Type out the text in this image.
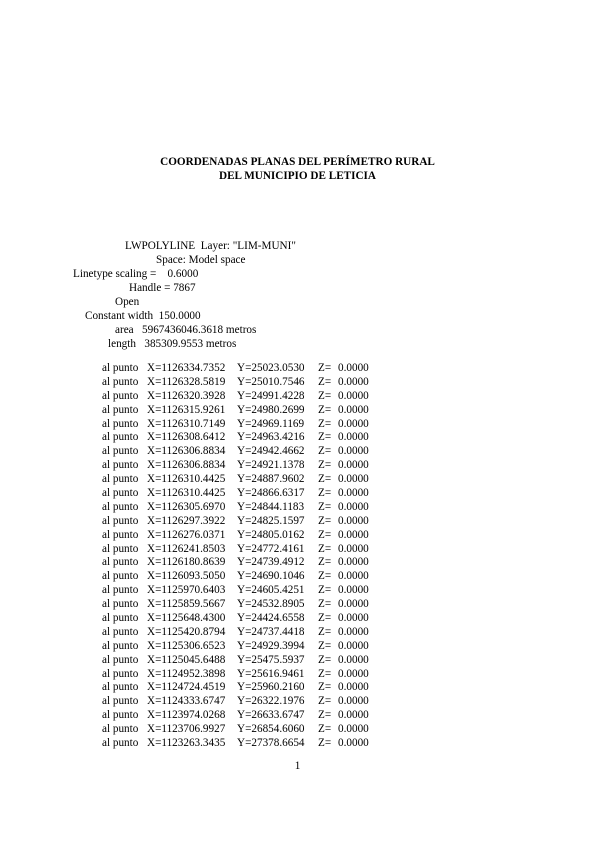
COORDENADAS PLANAS DEL PERÍMETRO RURAL
DEL MUNICIPIO DE LETICIA
LWPOLYLINE  Layer: "LIM-MUNI"
Space: Model space
Linetype scaling =    0.6000
Handle = 7867
Open
Constant width  150.0000
area   5967436046.3618 metros
length   385309.9553 metros
al punto X=1126334.7352 Y=25023.0530 Z= 0.0000
al punto X=1126328.5819 Y=25010.7546 Z= 0.0000
al punto X=1126320.3928 Y=24991.4228 Z= 0.0000
al punto X=1126315.9261 Y=24980.2699 Z= 0.0000
al punto X=1126310.7149 Y=24969.1169 Z= 0.0000
al punto X=1126308.6412 Y=24963.4216 Z= 0.0000
al punto X=1126306.8834 Y=24942.4662 Z= 0.0000
al punto X=1126306.8834 Y=24921.1378 Z= 0.0000
al punto X=1126310.4425 Y=24887.9602 Z= 0.0000
al punto X=1126310.4425 Y=24866.6317 Z= 0.0000
al punto X=1126305.6970 Y=24844.1183 Z= 0.0000
al punto X=1126297.3922 Y=24825.1597 Z= 0.0000
al punto X=1126276.0371 Y=24805.0162 Z= 0.0000
al punto X=1126241.8503 Y=24772.4161 Z= 0.0000
al punto X=1126180.8639 Y=24739.4912 Z= 0.0000
al punto X=1126093.5050 Y=24690.1046 Z= 0.0000
al punto X=1125970.6403 Y=24605.4251 Z= 0.0000
al punto X=1125859.5667 Y=24532.8905 Z= 0.0000
al punto X=1125648.4300 Y=24424.6558 Z= 0.0000
al punto X=1125420.8794 Y=24737.4418 Z= 0.0000
al punto X=1125306.6523 Y=24929.3994 Z= 0.0000
al punto X=1125045.6488 Y=25475.5937 Z= 0.0000
al punto X=1124952.3898 Y=25616.9461 Z= 0.0000
al punto X=1124724.4519 Y=25960.2160 Z= 0.0000
al punto X=1124333.6747 Y=26322.1976 Z= 0.0000
al punto X=1123974.0268 Y=26633.6747 Z= 0.0000
al punto X=1123706.9927 Y=26854.6060 Z= 0.0000
al punto X=1123263.3435 Y=27378.6654 Z= 0.0000
1
